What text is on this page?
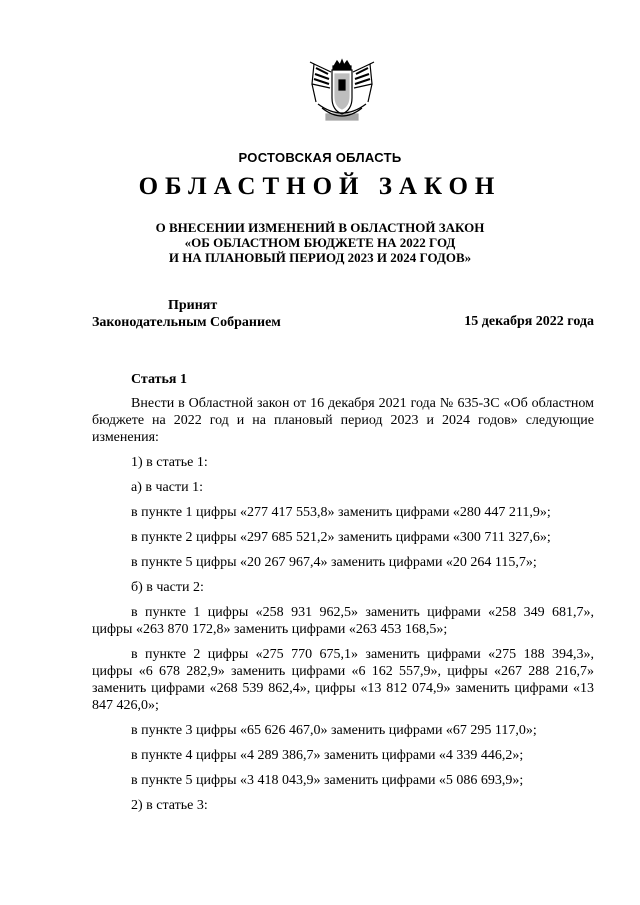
РОСТОВСКАЯ ОБЛАСТЬ
ОБЛАСТНОЙ ЗАКОН
О ВНЕСЕНИИ ИЗМЕНЕНИЙ В ОБЛАСТНОЙ ЗАКОН
«ОБ ОБЛАСТНОМ БЮДЖЕТЕ НА 2022 ГОД
И НА ПЛАНОВЫЙ ПЕРИОД 2023 И 2024 ГОДОВ»
Принят
Законодательным Собранием	15 декабря 2022 года
Статья 1

Внести в Областной закон от 16 декабря 2021 года № 635-ЗС «Об областном бюджете на 2022 год и на плановый период 2023 и 2024 годов» следующие изменения:

1) в статье 1:

а) в части 1:

в пункте 1 цифры «277 417 553,8» заменить цифрами «280 447 211,9»;

в пункте 2 цифры «297 685 521,2» заменить цифрами «300 711 327,6»;

в пункте 5 цифры «20 267 967,4» заменить цифрами «20 264 115,7»;

б) в части 2:

в пункте 1 цифры «258 931 962,5» заменить цифрами «258 349 681,7», цифры «263 870 172,8» заменить цифрами «263 453 168,5»;

в пункте 2 цифры «275 770 675,1» заменить цифрами «275 188 394,3», цифры «6 678 282,9» заменить цифрами «6 162 557,9», цифры «267 288 216,7» заменить цифрами «268 539 862,4», цифры «13 812 074,9» заменить цифрами «13 847 426,0»;

в пункте 3 цифры «65 626 467,0» заменить цифрами «67 295 117,0»;

в пункте 4 цифры «4 289 386,7» заменить цифрами «4 339 446,2»;

в пункте 5 цифры «3 418 043,9» заменить цифрами «5 086 693,9»;

2) в статье 3:
